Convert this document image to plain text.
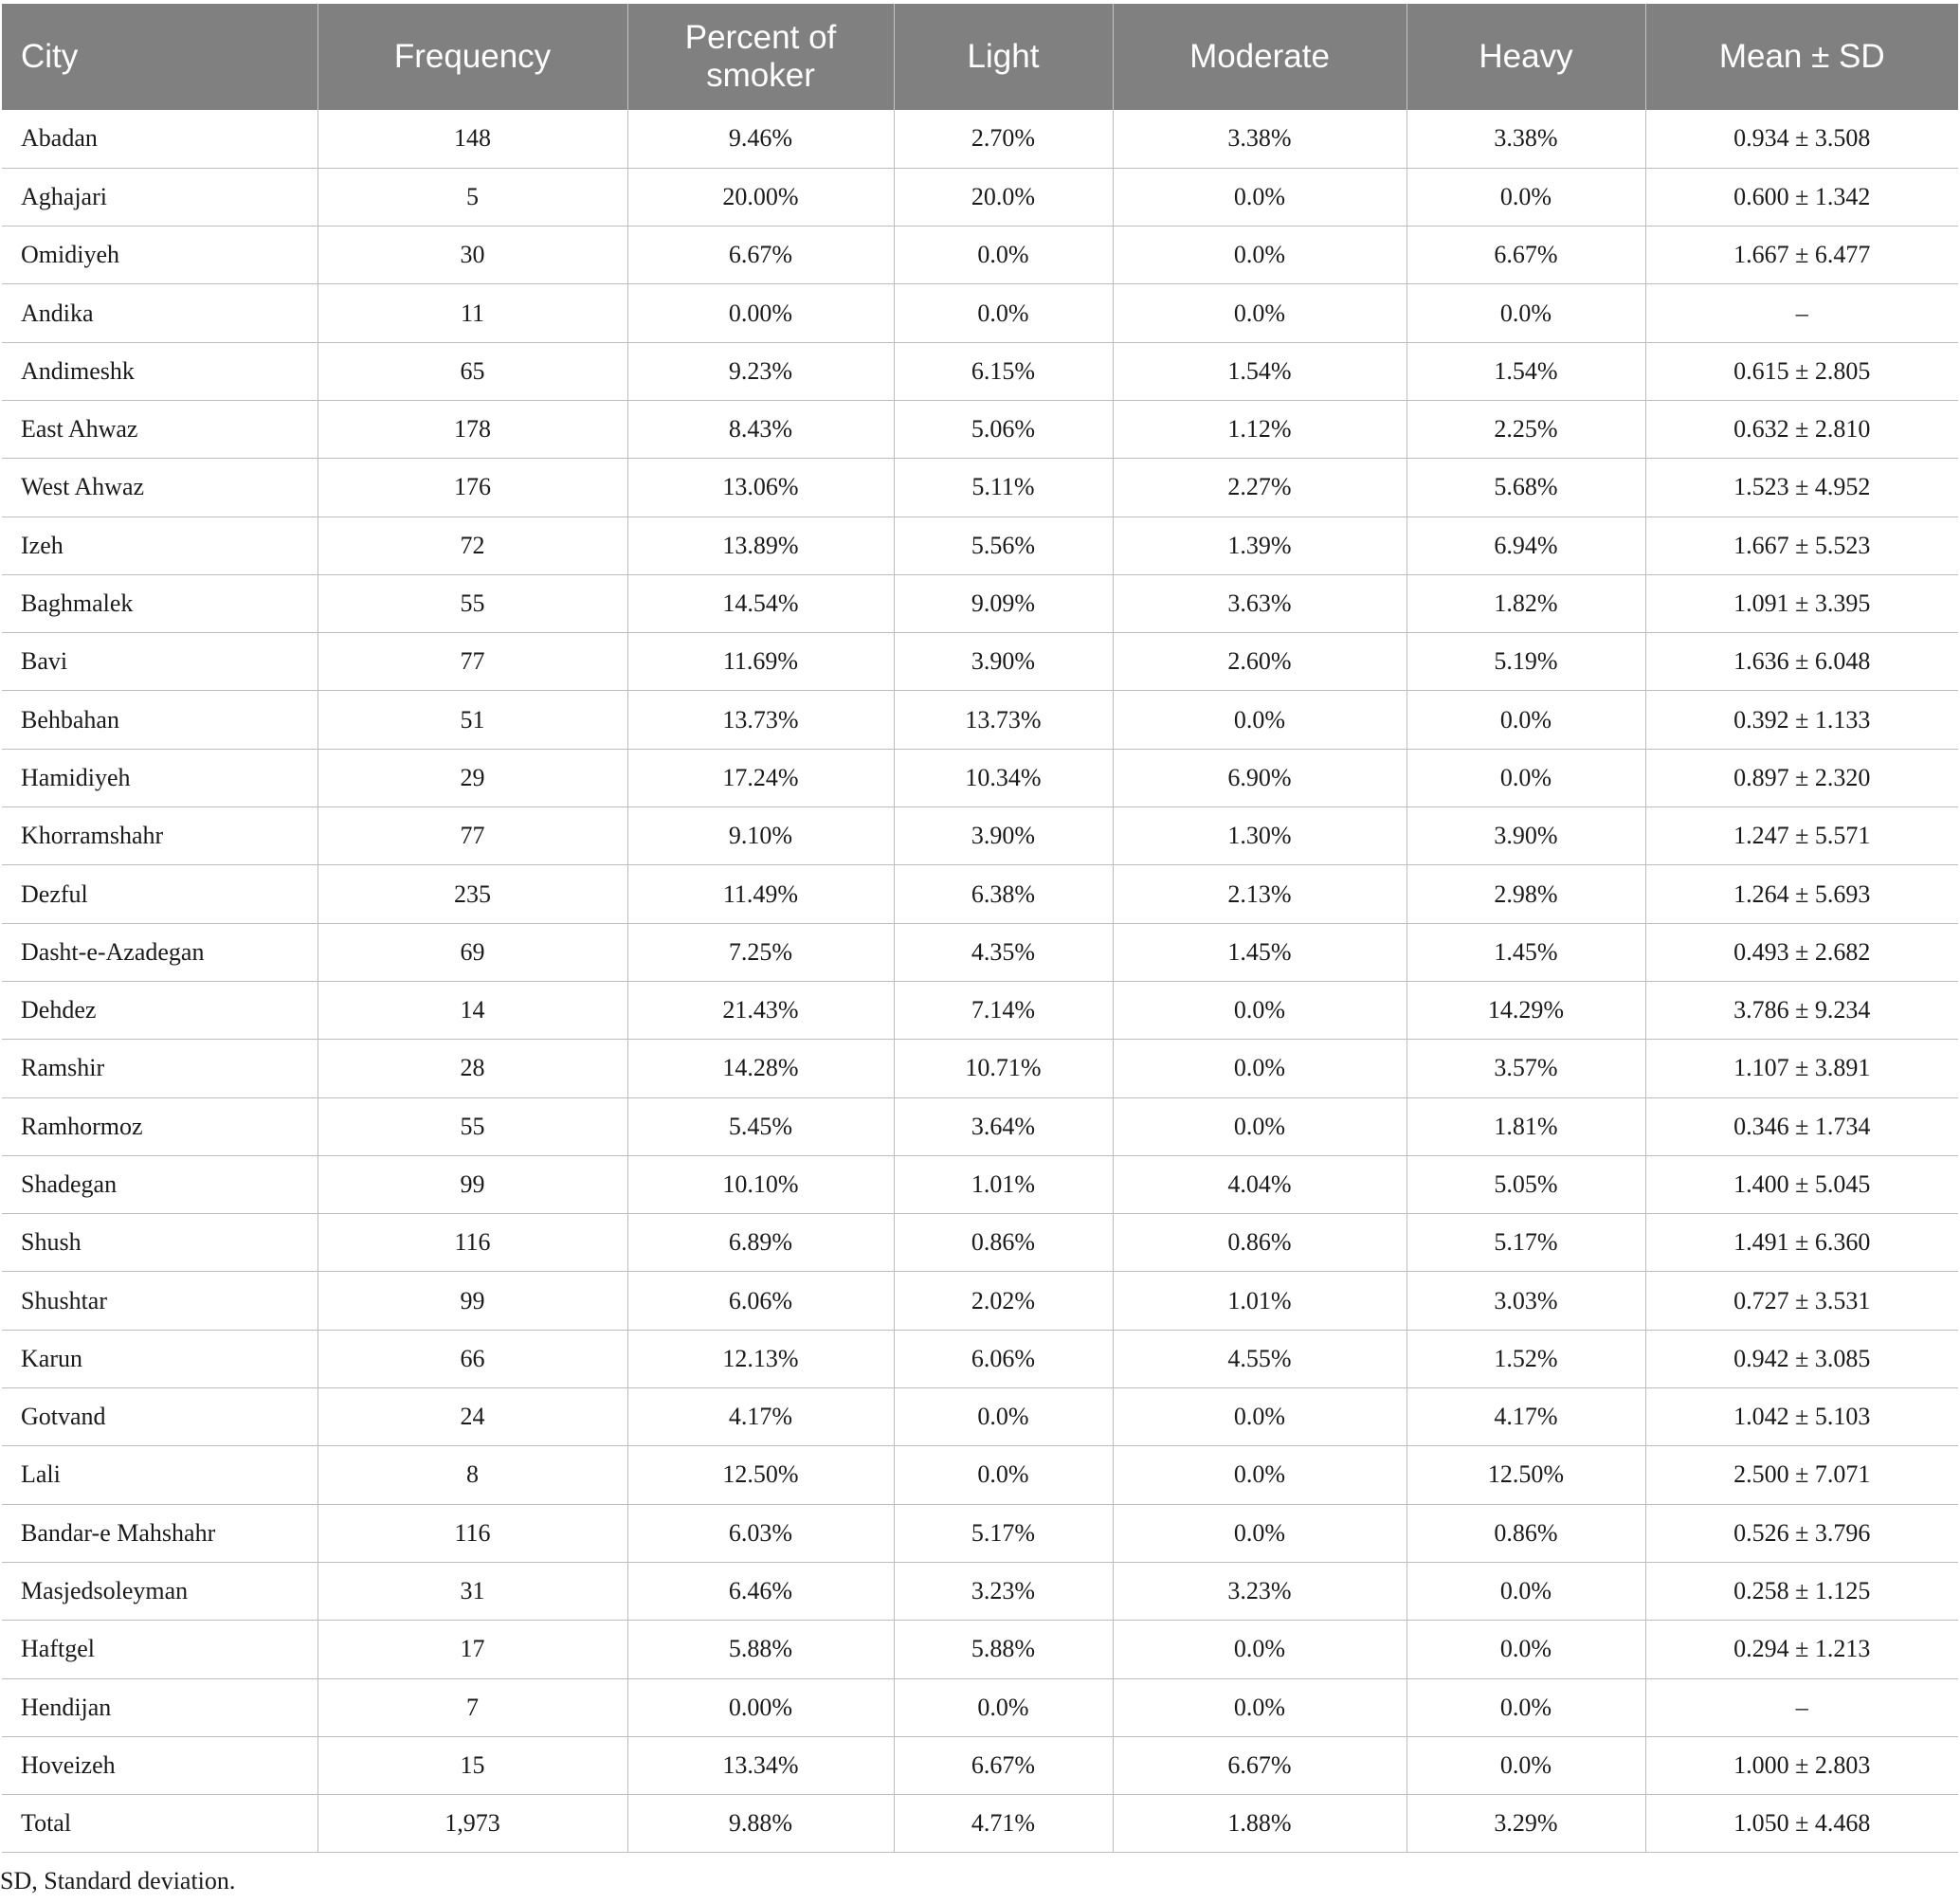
City	Frequency	Percent of smoker	Light	Moderate	Heavy	Mean ± SD
Abadan	148	9.46%	2.70%	3.38%	3.38%	0.934 ± 3.508
Aghajari	5	20.00%	20.0%	0.0%	0.0%	0.600 ± 1.342
Omidiyeh	30	6.67%	0.0%	0.0%	6.67%	1.667 ± 6.477
Andika	11	0.00%	0.0%	0.0%	0.0%	–
Andimeshk	65	9.23%	6.15%	1.54%	1.54%	0.615 ± 2.805
East Ahwaz	178	8.43%	5.06%	1.12%	2.25%	0.632 ± 2.810
West Ahwaz	176	13.06%	5.11%	2.27%	5.68%	1.523 ± 4.952
Izeh	72	13.89%	5.56%	1.39%	6.94%	1.667 ± 5.523
Baghmalek	55	14.54%	9.09%	3.63%	1.82%	1.091 ± 3.395
Bavi	77	11.69%	3.90%	2.60%	5.19%	1.636 ± 6.048
Behbahan	51	13.73%	13.73%	0.0%	0.0%	0.392 ± 1.133
Hamidiyeh	29	17.24%	10.34%	6.90%	0.0%	0.897 ± 2.320
Khorramshahr	77	9.10%	3.90%	1.30%	3.90%	1.247 ± 5.571
Dezful	235	11.49%	6.38%	2.13%	2.98%	1.264 ± 5.693
Dasht-e-Azadegan	69	7.25%	4.35%	1.45%	1.45%	0.493 ± 2.682
Dehdez	14	21.43%	7.14%	0.0%	14.29%	3.786 ± 9.234
Ramshir	28	14.28%	10.71%	0.0%	3.57%	1.107 ± 3.891
Ramhormoz	55	5.45%	3.64%	0.0%	1.81%	0.346 ± 1.734
Shadegan	99	10.10%	1.01%	4.04%	5.05%	1.400 ± 5.045
Shush	116	6.89%	0.86%	0.86%	5.17%	1.491 ± 6.360
Shushtar	99	6.06%	2.02%	1.01%	3.03%	0.727 ± 3.531
Karun	66	12.13%	6.06%	4.55%	1.52%	0.942 ± 3.085
Gotvand	24	4.17%	0.0%	0.0%	4.17%	1.042 ± 5.103
Lali	8	12.50%	0.0%	0.0%	12.50%	2.500 ± 7.071
Bandar-e Mahshahr	116	6.03%	5.17%	0.0%	0.86%	0.526 ± 3.796
Masjedsoleyman	31	6.46%	3.23%	3.23%	0.0%	0.258 ± 1.125
Haftgel	17	5.88%	5.88%	0.0%	0.0%	0.294 ± 1.213
Hendijan	7	0.00%	0.0%	0.0%	0.0%	–
Hoveizeh	15	13.34%	6.67%	6.67%	0.0%	1.000 ± 2.803
Total	1,973	9.88%	4.71%	1.88%	3.29%	1.050 ± 4.468
SD, Standard deviation.
